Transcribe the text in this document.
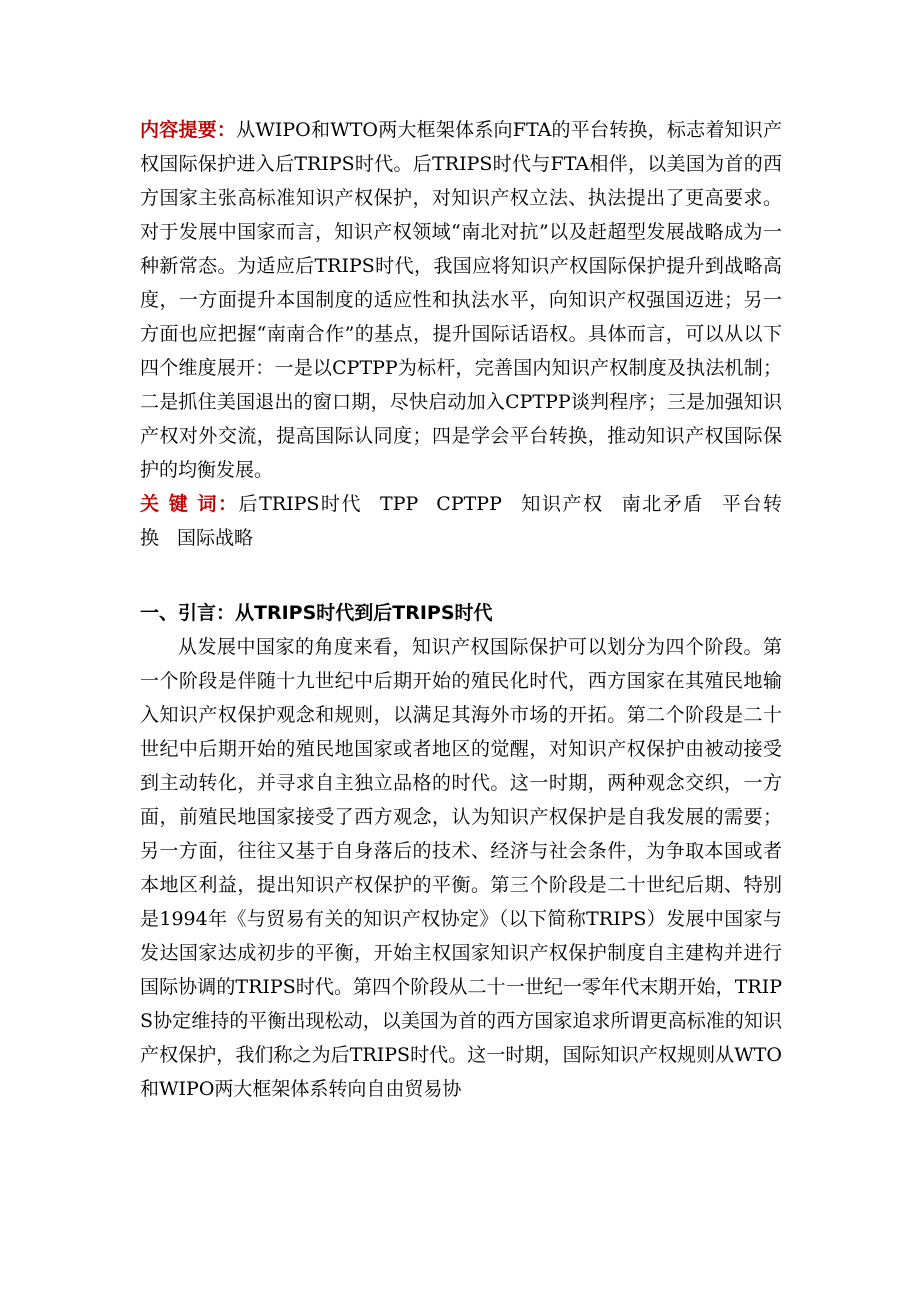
内容提要：从WIPO和WTO两大框架体系向FTA的平台转换，标志着知识产权国际保护进入后TRIPS时代。后TRIPS时代与FTA相伴，以美国为首的西方国家主张高标准知识产权保护，对知识产权立法、执法提出了更高要求。对于发展中国家而言，知识产权领域“南北对抗”以及赶超型发展战略成为一种新常态。为适应后TRIPS时代，我国应将知识产权国际保护提升到战略高度，一方面提升本国制度的适应性和执法水平，向知识产权强国迈进；另一方面也应把握“南南合作”的基点，提升国际话语权。具体而言，可以从以下四个维度展开：一是以CPTPP为标杆，完善国内知识产权制度及执法机制；二是抓住美国退出的窗口期，尽快启动加入CPTPP谈判程序；三是加强知识产权对外交流，提高国际认同度；四是学会平台转换，推动知识产权国际保护的均衡发展。

关 键 词：后TRIPS时代 TPP CPTPP 知识产权 南北矛盾 平台转换 国际战略

一、引言：从TRIPS时代到后TRIPS时代

从发展中国家的角度来看，知识产权国际保护可以划分为四个阶段。第一个阶段是伴随十九世纪中后期开始的殖民化时代，西方国家在其殖民地输入知识产权保护观念和规则，以满足其海外市场的开拓。第二个阶段是二十世纪中后期开始的殖民地国家或者地区的觉醒，对知识产权保护由被动接受到主动转化，并寻求自主独立品格的时代。这一时期，两种观念交织，一方面，前殖民地国家接受了西方观念，认为知识产权保护是自我发展的需要；另一方面，往往又基于自身落后的技术、经济与社会条件，为争取本国或者本地区利益，提出知识产权保护的平衡。第三个阶段是二十世纪后期、特别是1994年《与贸易有关的知识产权协定》（以下简称TRIPS）发展中国家与发达国家达成初步的平衡，开始主权国家知识产权保护制度自主建构并进行国际协调的TRIPS时代。第四个阶段从二十一世纪一零年代末期开始，TRIPS协定维持的平衡出现松动，以美国为首的西方国家追求所谓更高标准的知识产权保护，我们称之为后TRIPS时代。这一时期，国际知识产权规则从WTO和WIPO两大框架体系转向自由贸易协
